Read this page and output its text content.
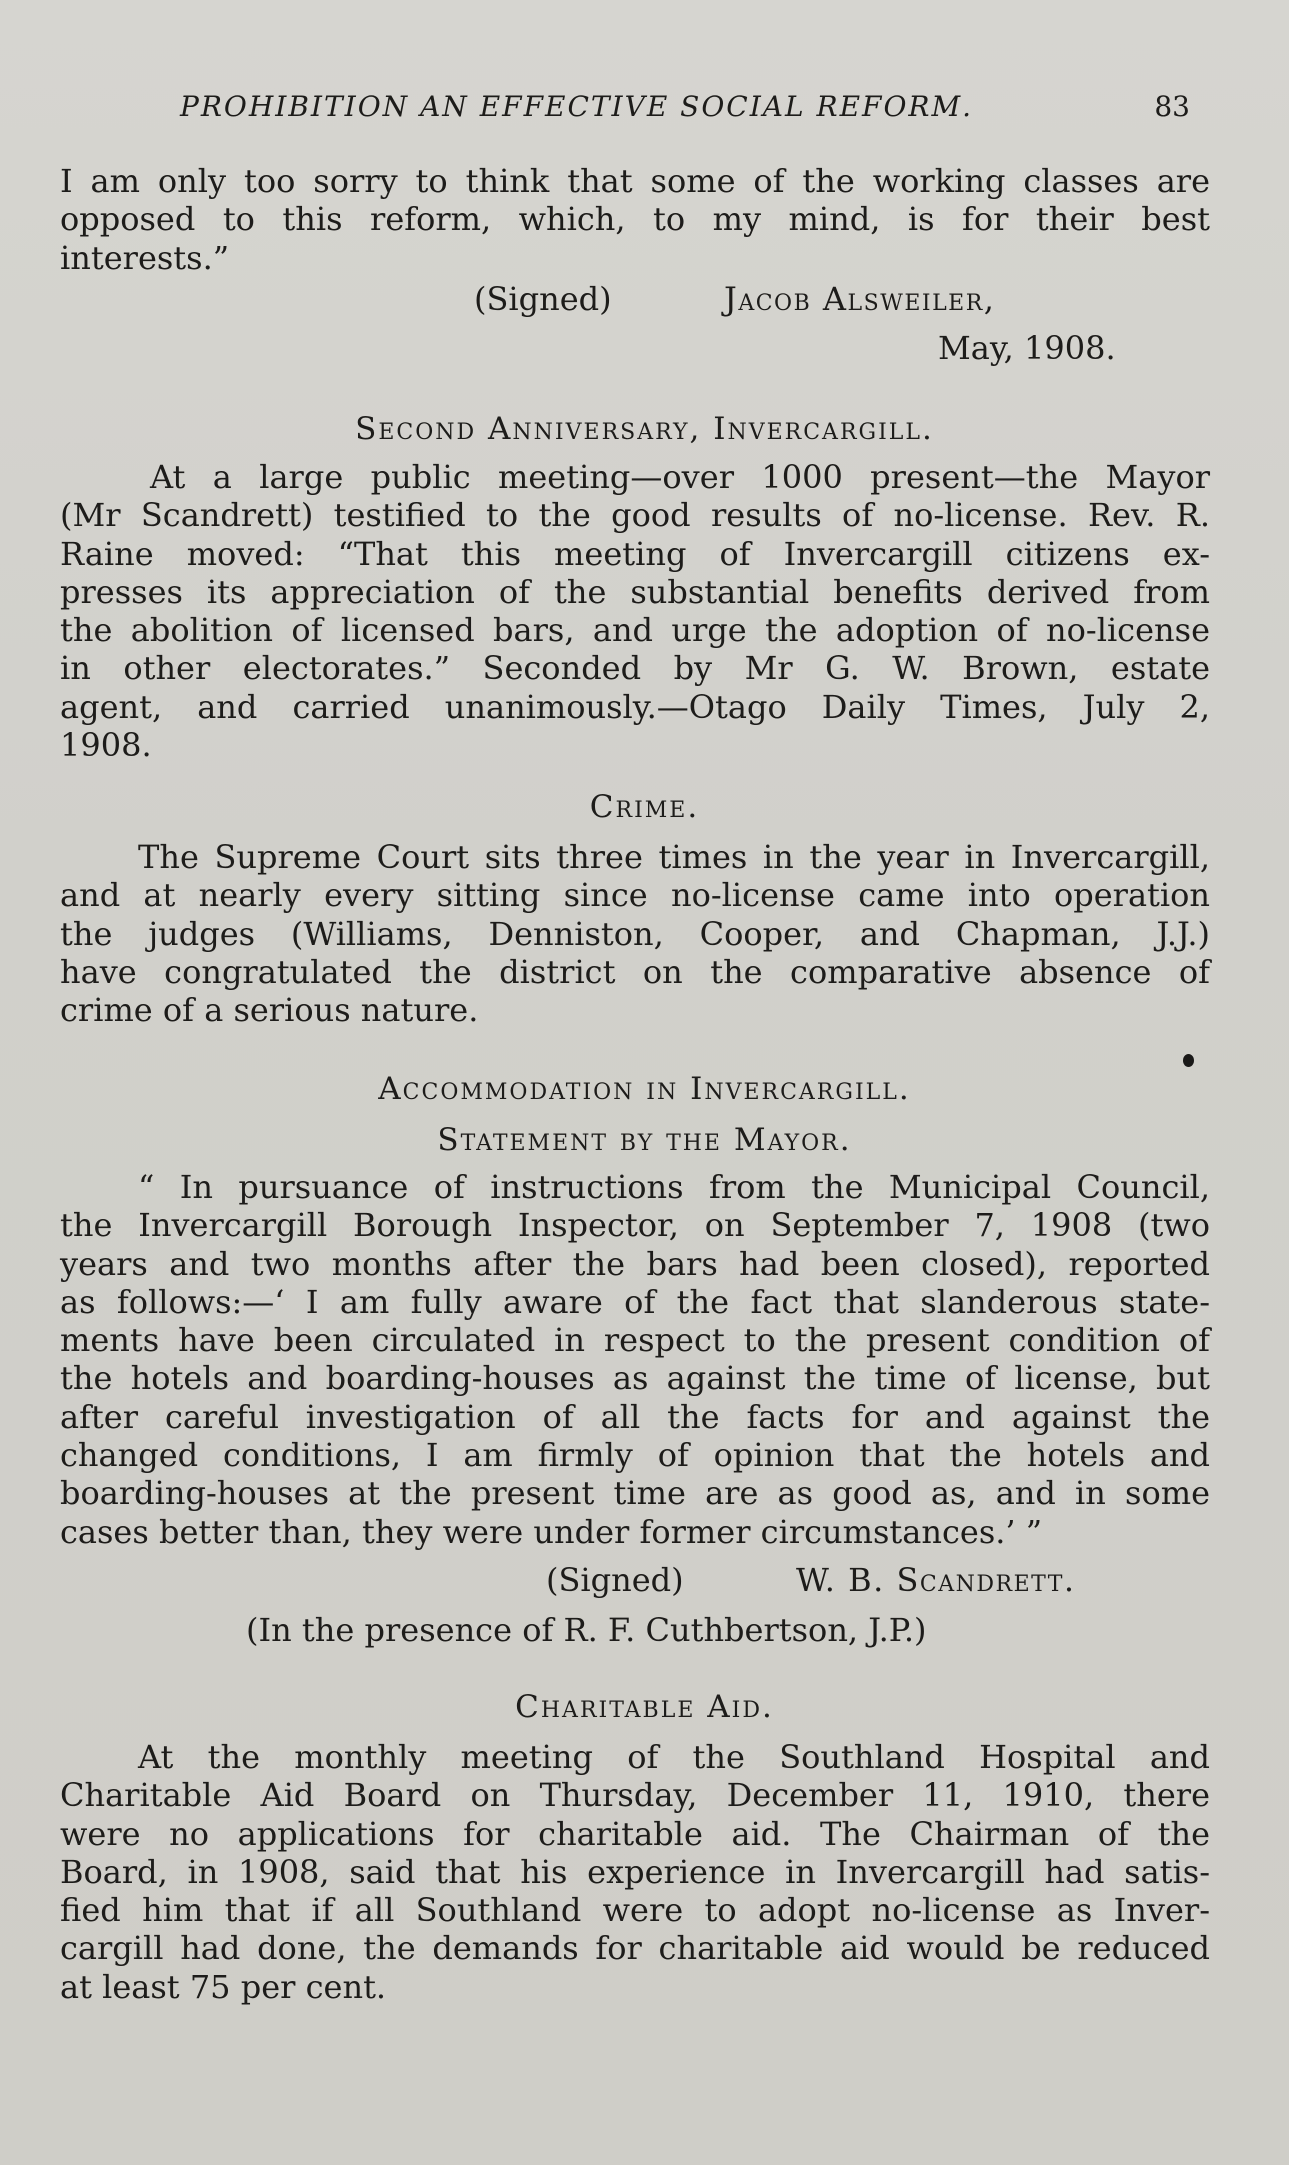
PROHIBITION AN EFFECTIVE SOCIAL REFORM.	83
I am only too sorry to think that some of the working classes are
opposed to this reform, which, to my mind, is for their best
interests.”
(Signed)	Jacob Alsweiler,
May, 1908.
Second Anniversary, Invercargill.
At a large public meeting—over 1000 present—the Mayor
(Mr Scandrett) testified to the good results of no-license. Rev. R.
Raine moved: “That this meeting of Invercargill citizens ex-
presses its appreciation of the substantial benefits derived from
the abolition of licensed bars, and urge the adoption of no-license
in other electorates.” Seconded by Mr G. W. Brown, estate
agent, and carried unanimously.—Otago Daily Times, July 2,
1908.
Crime.
The Supreme Court sits three times in the year in Invercargill,
and at nearly every sitting since no-license came into operation
the judges (Williams, Denniston, Cooper, and Chapman, J.J.)
have congratulated the district on the comparative absence of
crime of a serious nature.
Accommodation in Invercargill.
Statement by the Mayor.
“ In pursuance of instructions from the Municipal Council,
the Invercargill Borough Inspector, on September 7, 1908 (two
years and two months after the bars had been closed), reported
as follows:—‘ I am fully aware of the fact that slanderous state-
ments have been circulated in respect to the present condition of
the hotels and boarding-houses as against the time of license, but
after careful investigation of all the facts for and against the
changed conditions, I am firmly of opinion that the hotels and
boarding-houses at the present time are as good as, and in some
cases better than, they were under former circumstances.’ ”
(Signed)	W. B. Scandrett.
(In the presence of R. F. Cuthbertson, J.P.)
Charitable Aid.
At the monthly meeting of the Southland Hospital and
Charitable Aid Board on Thursday, December 11, 1910, there
were no applications for charitable aid. The Chairman of the
Board, in 1908, said that his experience in Invercargill had satis-
fied him that if all Southland were to adopt no-license as Inver-
cargill had done, the demands for charitable aid would be reduced
at least 75 per cent.
